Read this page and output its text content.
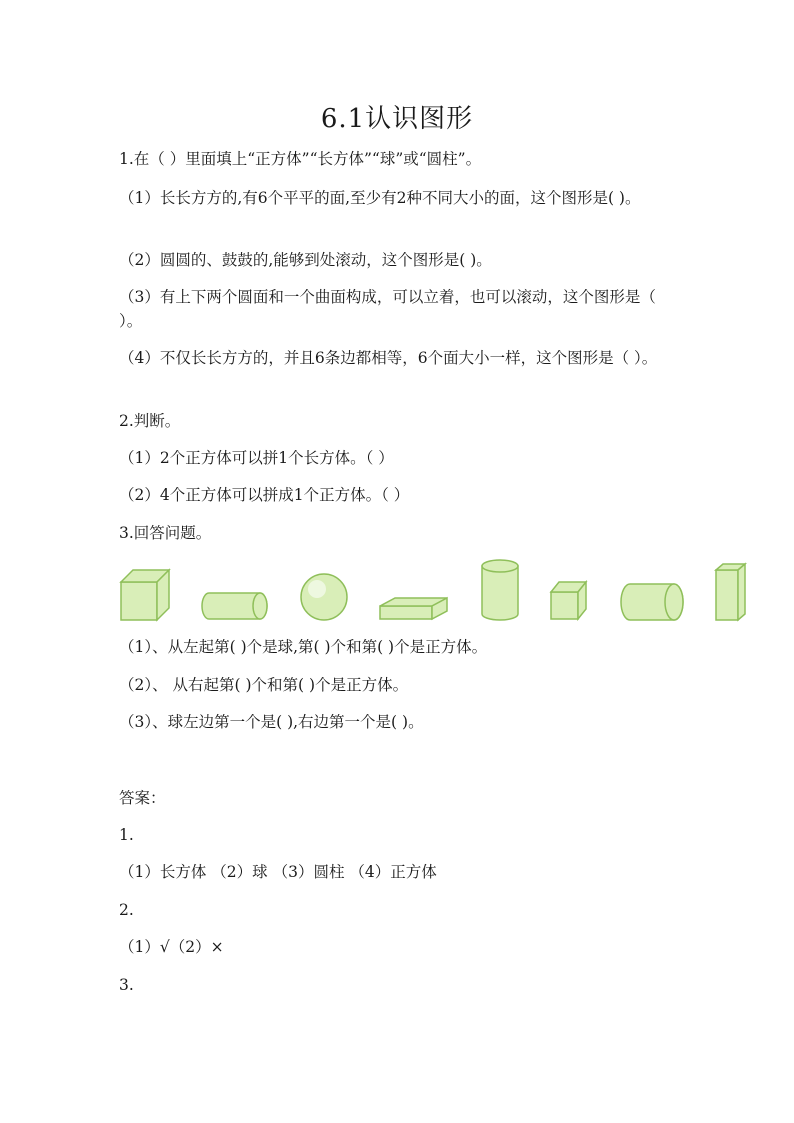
6.1认识图形
1.在（ ）里面填上“正方体”“长方体”“球”或“圆柱”。
（1）长长方方的,有6个平平的面,至少有2种不同大小的面，这个图形是( )。
（2）圆圆的、鼓鼓的,能够到处滚动，这个图形是( )。
（3）有上下两个圆面和一个曲面构成，可以立着，也可以滚动，这个图形是（ ）。
（4）不仅长长方方的，并且6条边都相等，6个面大小一样，这个图形是（ ）。
2.判断。
（1）2个正方体可以拼1个长方体。（ ）
（2）4个正方体可以拼成1个正方体。（ ）
3.回答问题。
（1）、从左起第( )个是球,第( )个和第( )个是正方体。
（2）、 从右起第( )个和第( )个是正方体。
（3）、球左边第一个是( ),右边第一个是( )。
答案：
1.
（1）长方体 （2）球 （3）圆柱 （4）正方体
2.
（1）√（2）×
3.
